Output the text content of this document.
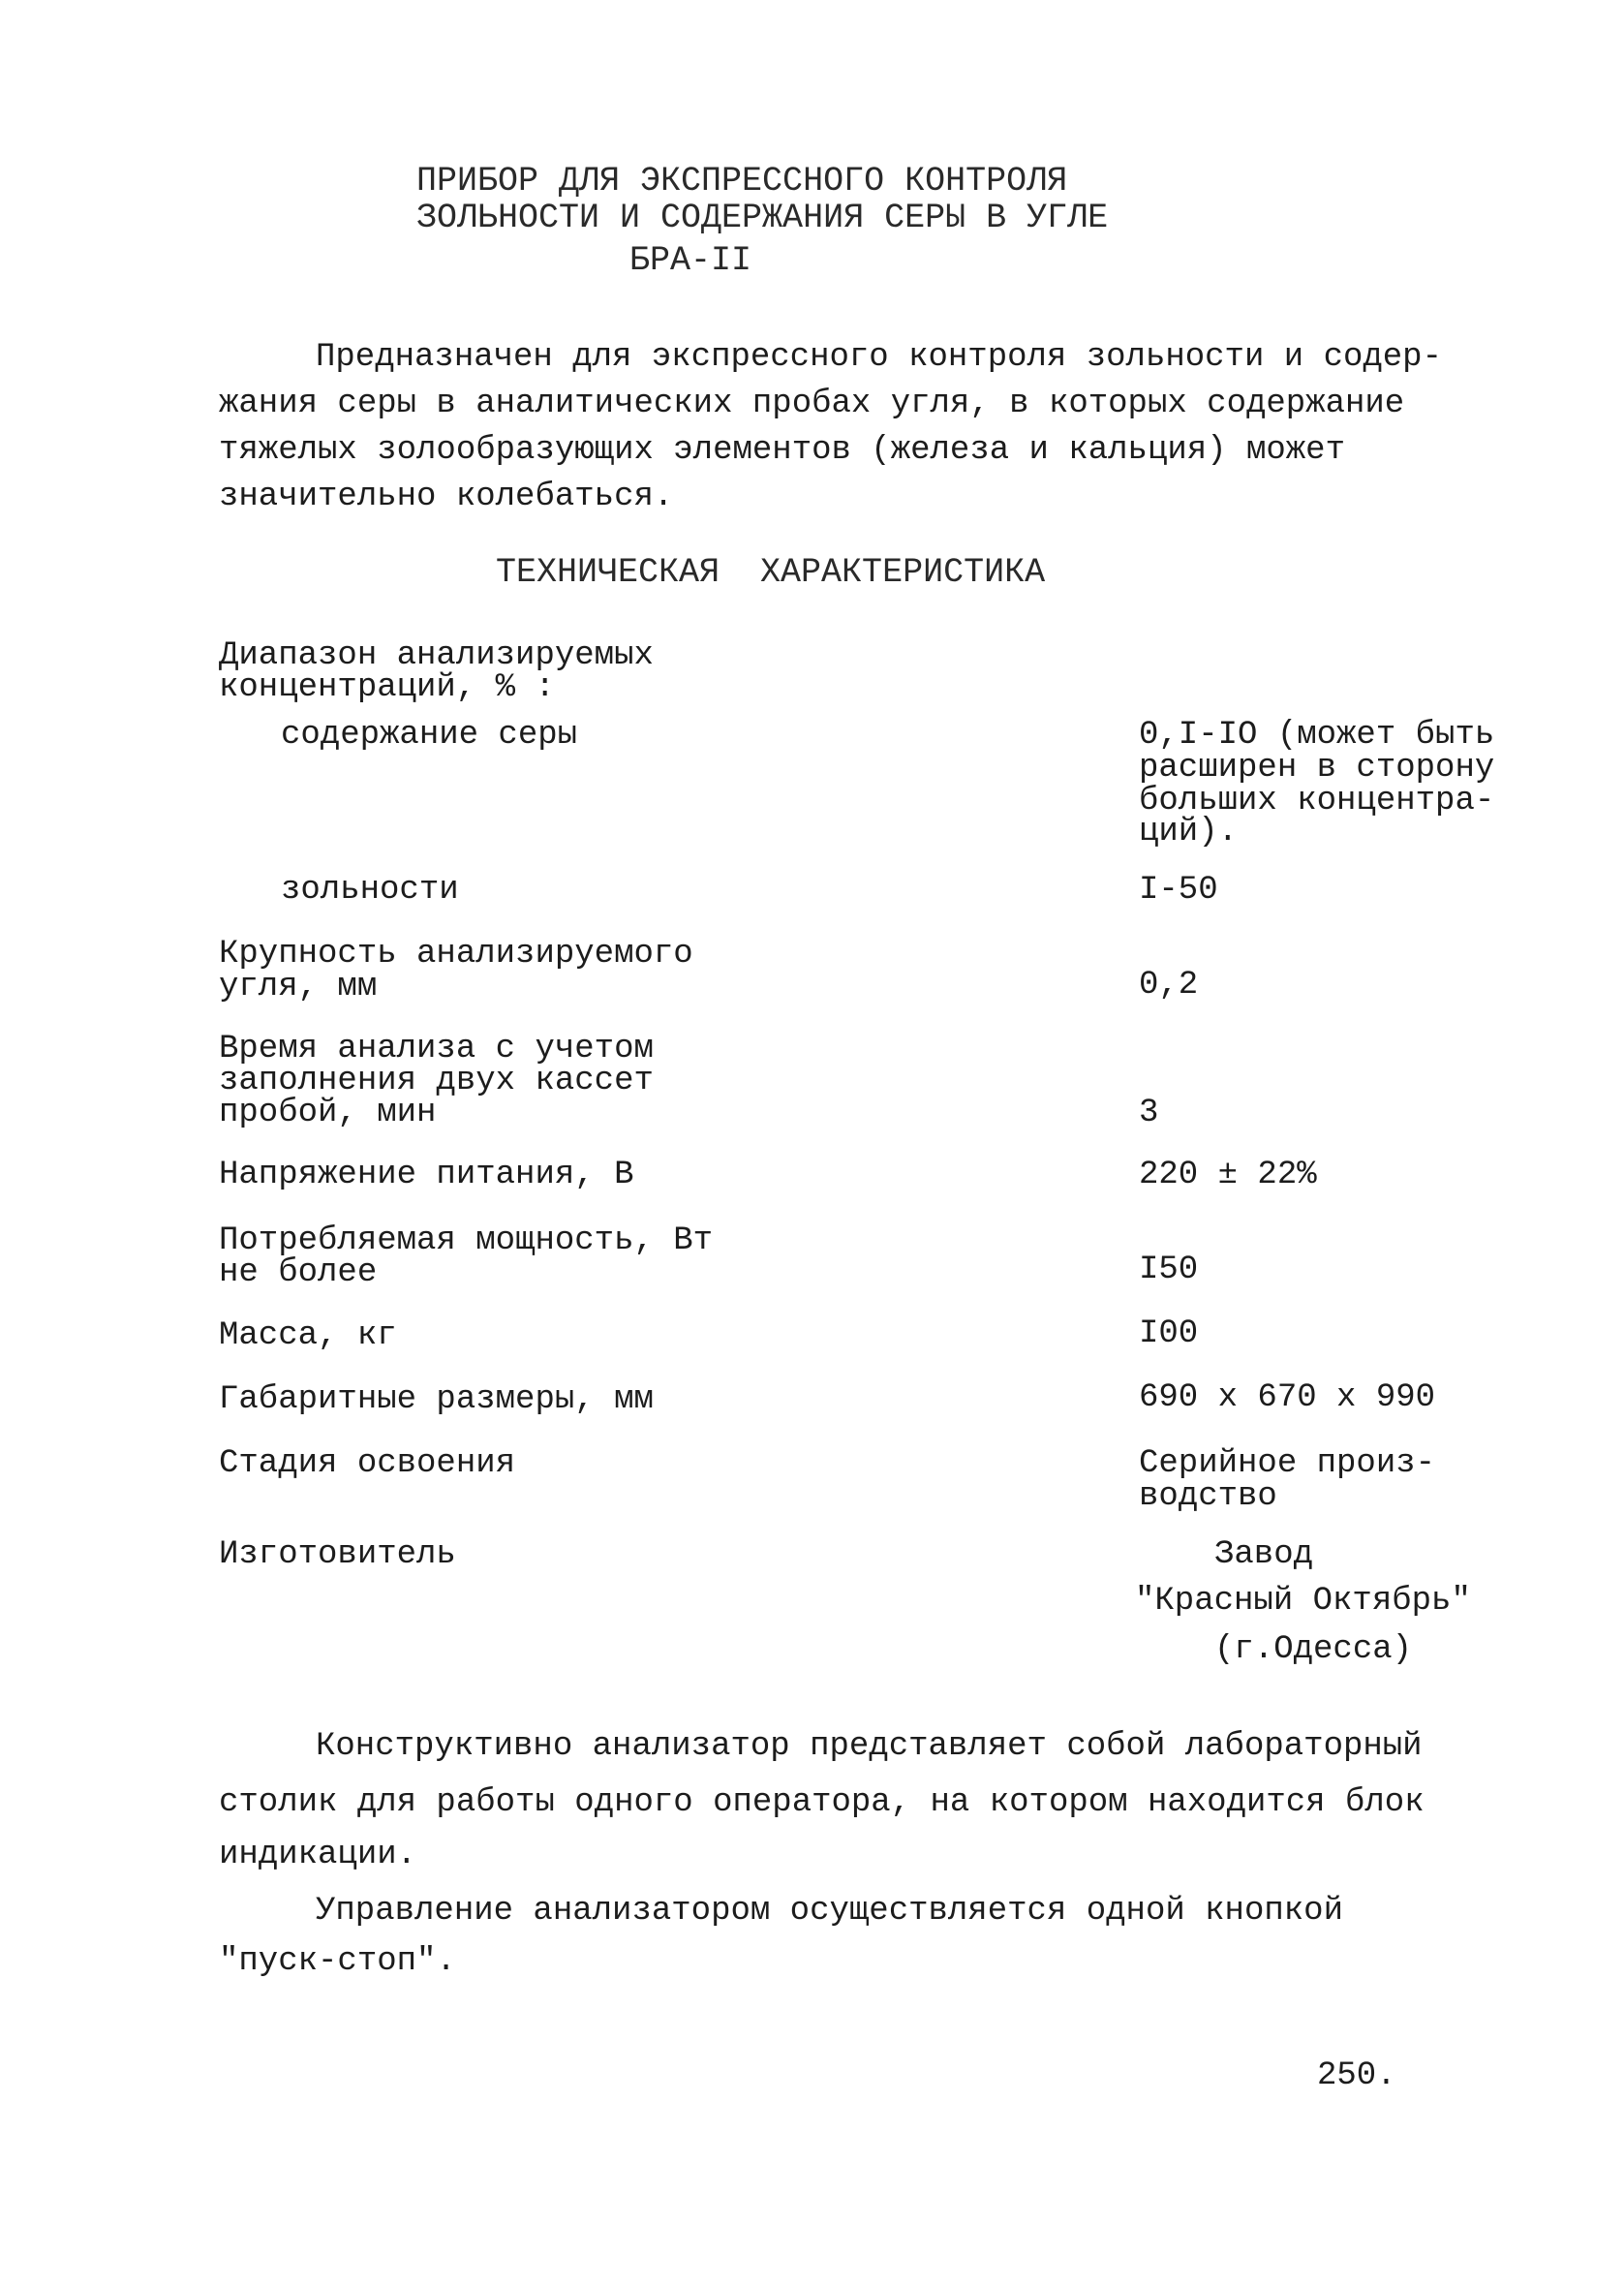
ПРИБОР ДЛЯ ЭКСПРЕССНОГО КОНТРОЛЯ
ЗОЛЬНОСТИ И СОДЕРЖАНИЯ СЕРЫ В УГЛЕ
БРА-II
Предназначен для экспрессного контроля зольности и содер-
жания серы в аналитических пробах угля, в которых содержание
тяжелых золообразующих элементов (железа и кальция) может
значительно колебаться.
ТЕХНИЧЕСКАЯ  ХАРАКТЕРИСТИКА
Диапазон анализируемых
концентраций, % :
содержание серы	0,I-IO (может быть
расширен в сторону
больших концентра-
ций).
зольности	I-50
Крупность анализируемого
угля, мм	0,2
Время анализа с учетом
заполнения двух кассет
пробой, мин	3
Напряжение питания, В	220 ± 22%
Потребляемая мощность, Вт
не более	I50
Масса, кг	I00
Габаритные размеры, мм	690 x 670 x 990
Стадия освоения	Серийное произ-
водство
Изготовитель	Завод
"Красный Октябрь"
(г.Одесса)
Конструктивно анализатор представляет собой лабораторный
столик для работы одного оператора, на котором находится блок
индикации.
Управление анализатором осуществляется одной кнопкой
"пуск-стоп".
250.
